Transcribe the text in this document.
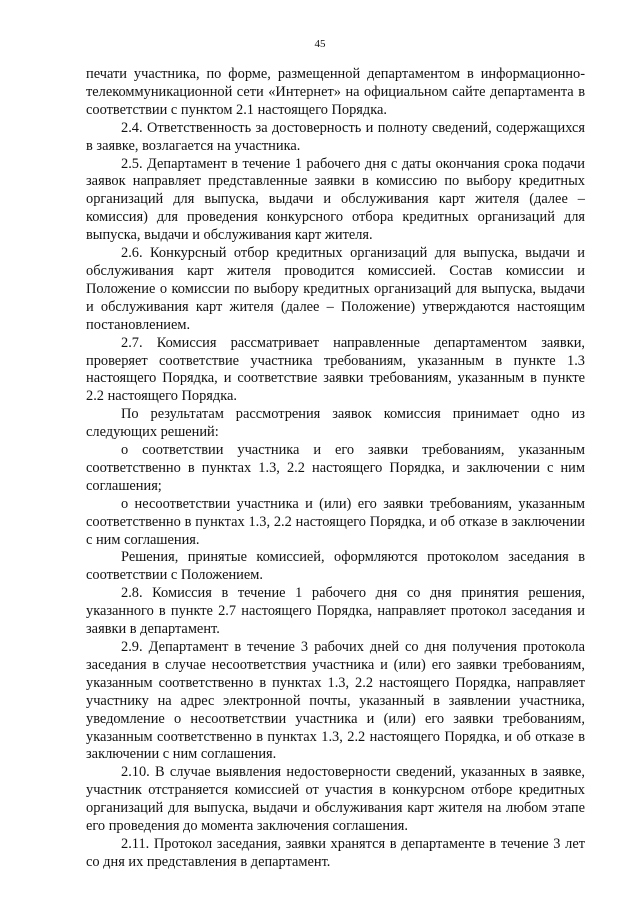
45

печати участника, по форме, размещенной департаментом в информационно-телекоммуникационной сети «Интернет» на официальном сайте департамента в соответствии с пунктом 2.1 настоящего Порядка.

2.4. Ответственность за достоверность и полноту сведений, содержащихся в заявке, возлагается на участника.

2.5. Департамент в течение 1 рабочего дня с даты окончания срока подачи заявок направляет представленные заявки в комиссию по выбору кредитных организаций для выпуска, выдачи и обслуживания карт жителя (далее – комиссия) для проведения конкурсного отбора кредитных организаций для выпуска, выдачи и обслуживания карт жителя.

2.6. Конкурсный отбор кредитных организаций для выпуска, выдачи и обслуживания карт жителя проводится комиссией. Состав комиссии и Положение о комиссии по выбору кредитных организаций для выпуска, выдачи и обслуживания карт жителя (далее – Положение) утверждаются настоящим постановлением.

2.7. Комиссия рассматривает направленные департаментом заявки, проверяет соответствие участника требованиям, указанным в пункте 1.3 настоящего Порядка, и соответствие заявки требованиям, указанным в пункте 2.2 настоящего Порядка.

По результатам рассмотрения заявок комиссия принимает одно из следующих решений:

о соответствии участника и его заявки требованиям, указанным соответственно в пунктах 1.3, 2.2 настоящего Порядка, и заключении с ним соглашения;

о несоответствии участника и (или) его заявки требованиям, указанным соответственно в пунктах 1.3, 2.2 настоящего Порядка, и об отказе в заключении с ним соглашения.

Решения, принятые комиссией, оформляются протоколом заседания в соответствии с Положением.

2.8. Комиссия в течение 1 рабочего дня со дня принятия решения, указанного в пункте 2.7 настоящего Порядка, направляет протокол заседания и заявки в департамент.

2.9. Департамент в течение 3 рабочих дней со дня получения протокола заседания в случае несоответствия участника и (или) его заявки требованиям, указанным соответственно в пунктах 1.3, 2.2 настоящего Порядка, направляет участнику на адрес электронной почты, указанный в заявлении участника, уведомление о несоответствии участника и (или) его заявки требованиям, указанным соответственно в пунктах 1.3, 2.2 настоящего Порядка, и об отказе в заключении с ним соглашения.

2.10. В случае выявления недостоверности сведений, указанных в заявке, участник отстраняется комиссией от участия в конкурсном отборе кредитных организаций для выпуска, выдачи и обслуживания карт жителя на любом этапе его проведения до момента заключения соглашения.

2.11. Протокол заседания, заявки хранятся в департаменте в течение 3 лет со дня их представления в департамент.
